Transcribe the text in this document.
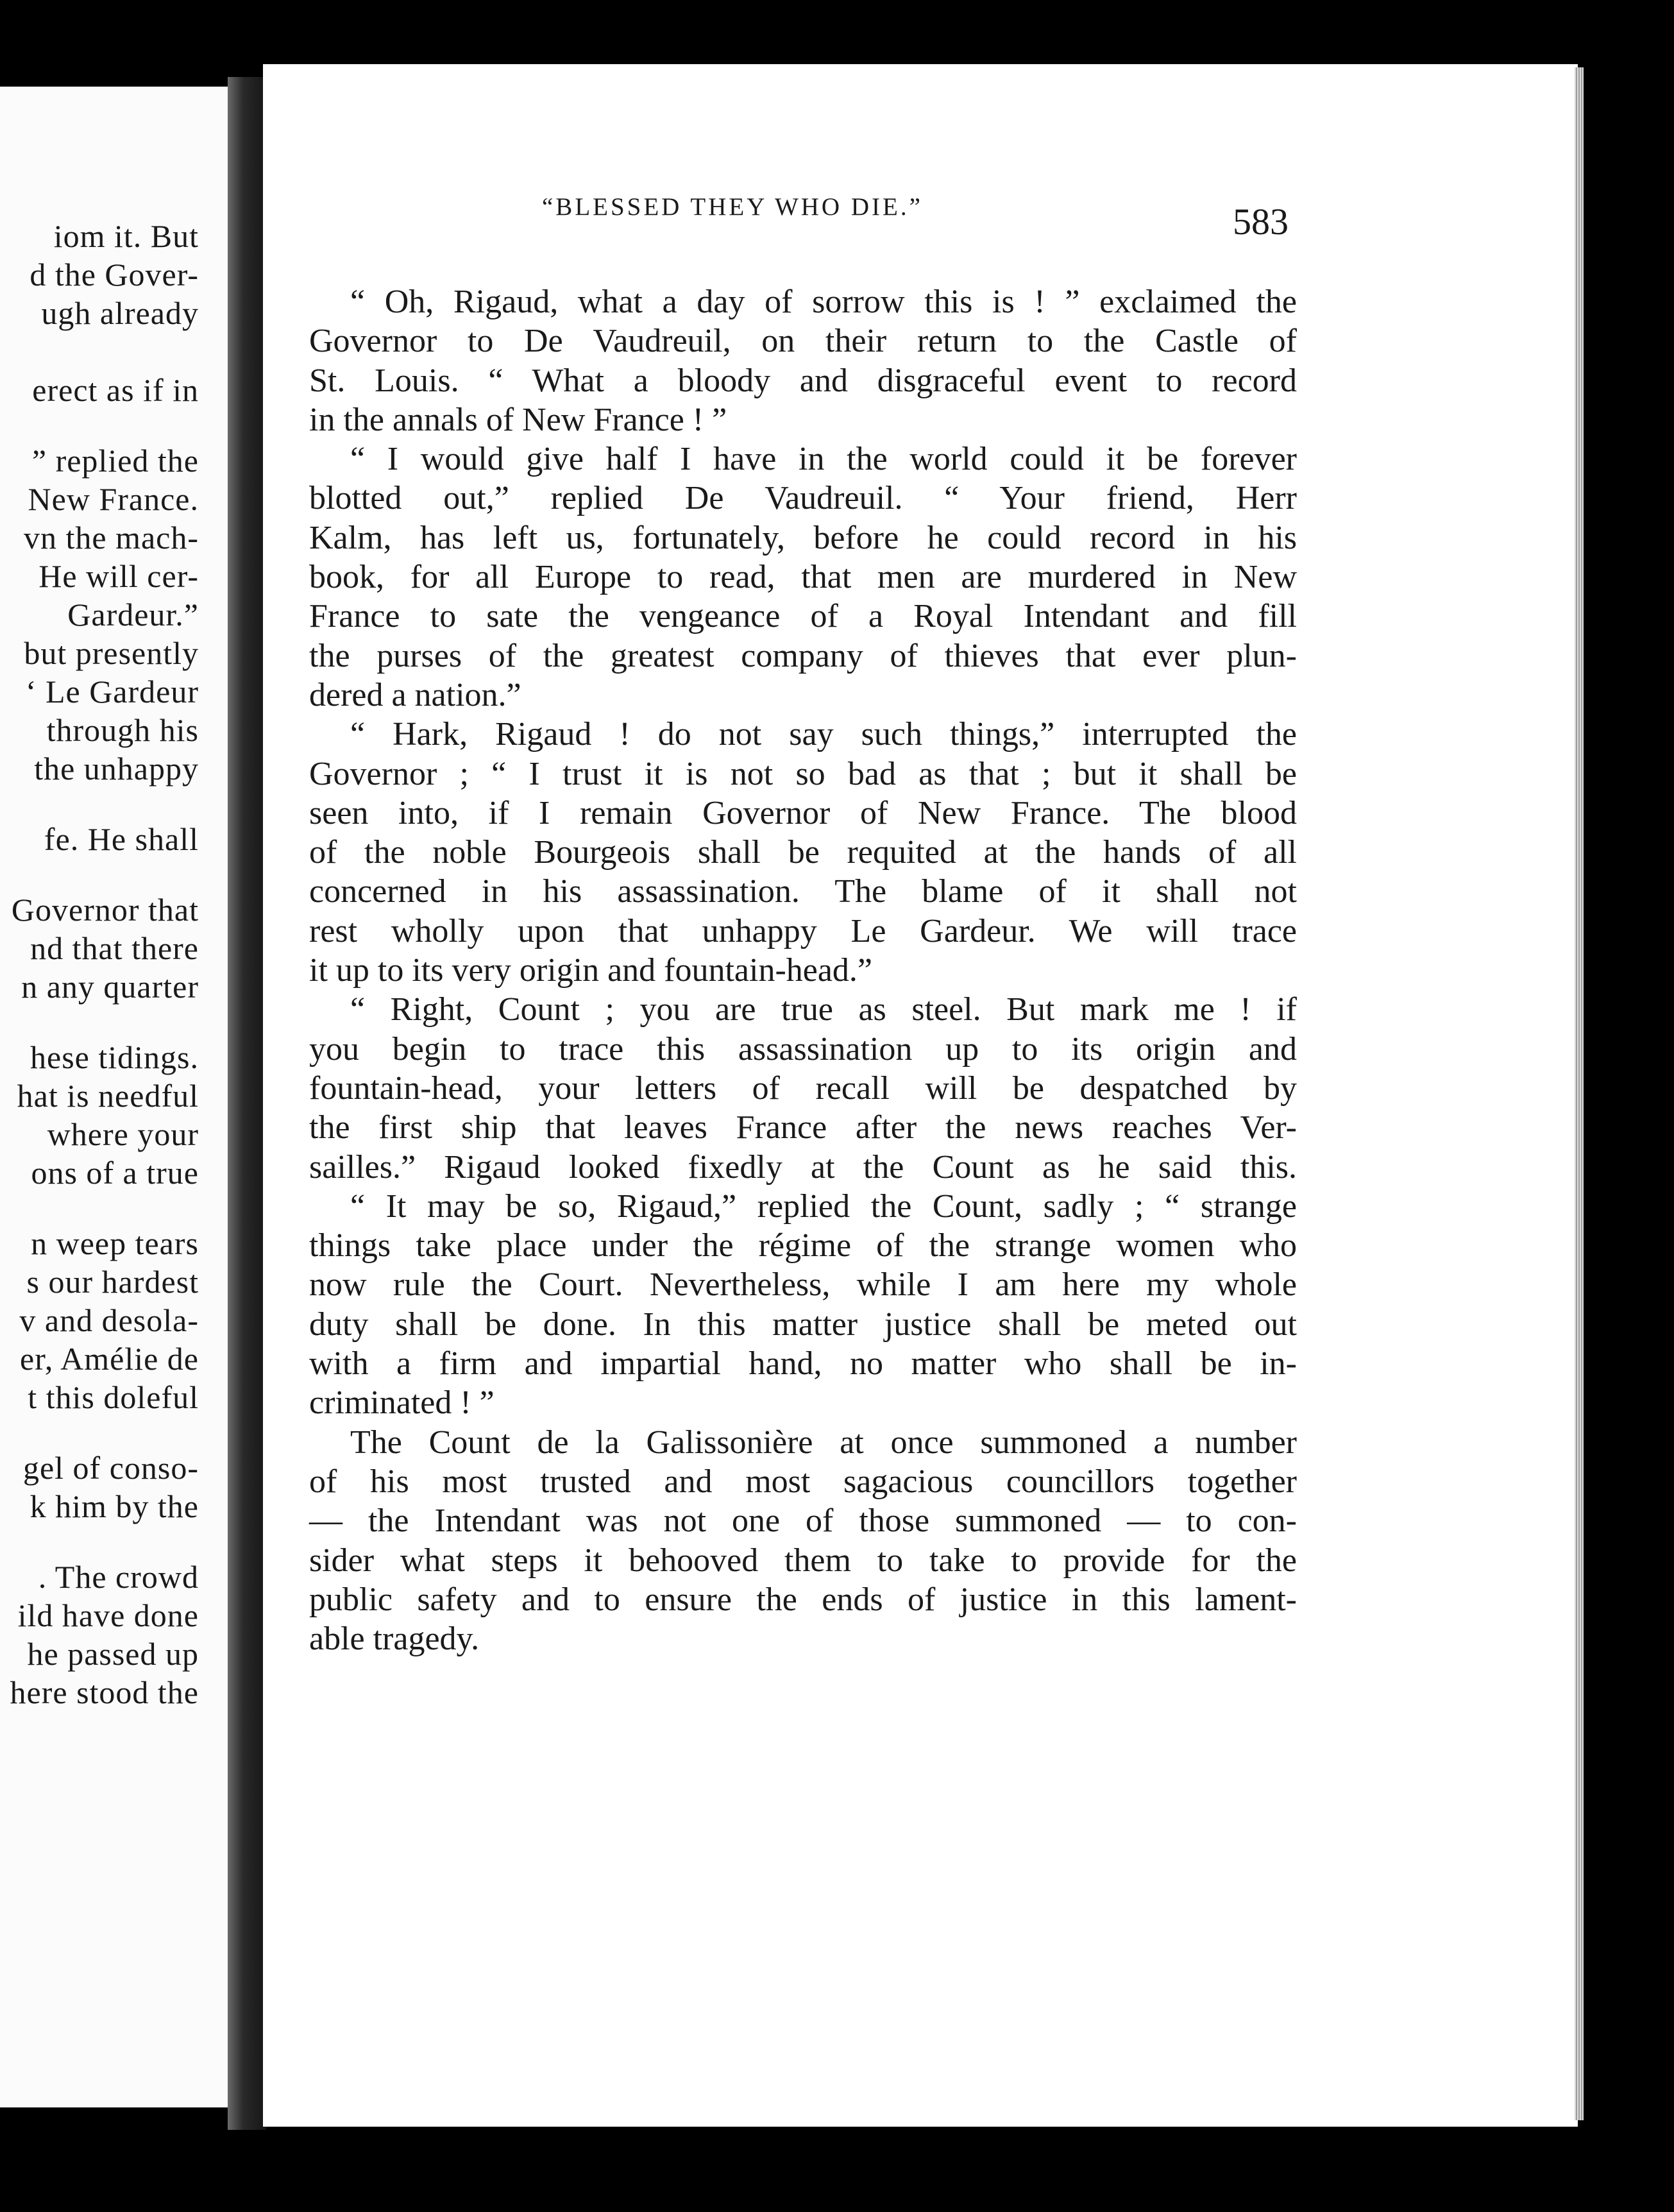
iom it. But
d the Gover-
ugh already
erect as if in
” replied the
New France.
vn the mach-
He will cer-
Gardeur.”
but presently
‘ Le Gardeur
through his
the unhappy
fe. He shall
Governor that
nd that there
n any quarter
hese tidings.
hat is needful
where your
ons of a true
n weep tears
s our hardest
v and desola-
er, Amélie de
t this doleful
gel of conso-
k him by the
. The crowd
ild have done
he passed up
here stood the
“BLESSED THEY WHO DIE.”	583
“ Oh, Rigaud, what a day of sorrow this is ! ” exclaimed the
Governor to De Vaudreuil, on their return to the Castle of
St. Louis. “ What a bloody and disgraceful event to record
in the annals of New France ! ”
“ I would give half I have in the world could it be forever
blotted out,” replied De Vaudreuil. “ Your friend, Herr
Kalm, has left us, fortunately, before he could record in his
book, for all Europe to read, that men are murdered in New
France to sate the vengeance of a Royal Intendant and fill
the purses of the greatest company of thieves that ever plun-
dered a nation.”
“ Hark, Rigaud ! do not say such things,” interrupted the
Governor ; “ I trust it is not so bad as that ; but it shall be
seen into, if I remain Governor of New France. The blood
of the noble Bourgeois shall be requited at the hands of all
concerned in his assassination. The blame of it shall not
rest wholly upon that unhappy Le Gardeur. We will trace
it up to its very origin and fountain-head.”
“ Right, Count ; you are true as steel. But mark me ! if
you begin to trace this assassination up to its origin and
fountain-head, your letters of recall will be despatched by
the first ship that leaves France after the news reaches Ver-
sailles.” Rigaud looked fixedly at the Count as he said this.
“ It may be so, Rigaud,” replied the Count, sadly ; “ strange
things take place under the régime of the strange women who
now rule the Court. Nevertheless, while I am here my whole
duty shall be done. In this matter justice shall be meted out
with a firm and impartial hand, no matter who shall be in-
criminated ! ”
The Count de la Galissonière at once summoned a number
of his most trusted and most sagacious councillors together
— the Intendant was not one of those summoned — to con-
sider what steps it behooved them to take to provide for the
public safety and to ensure the ends of justice in this lament-
able tragedy.
